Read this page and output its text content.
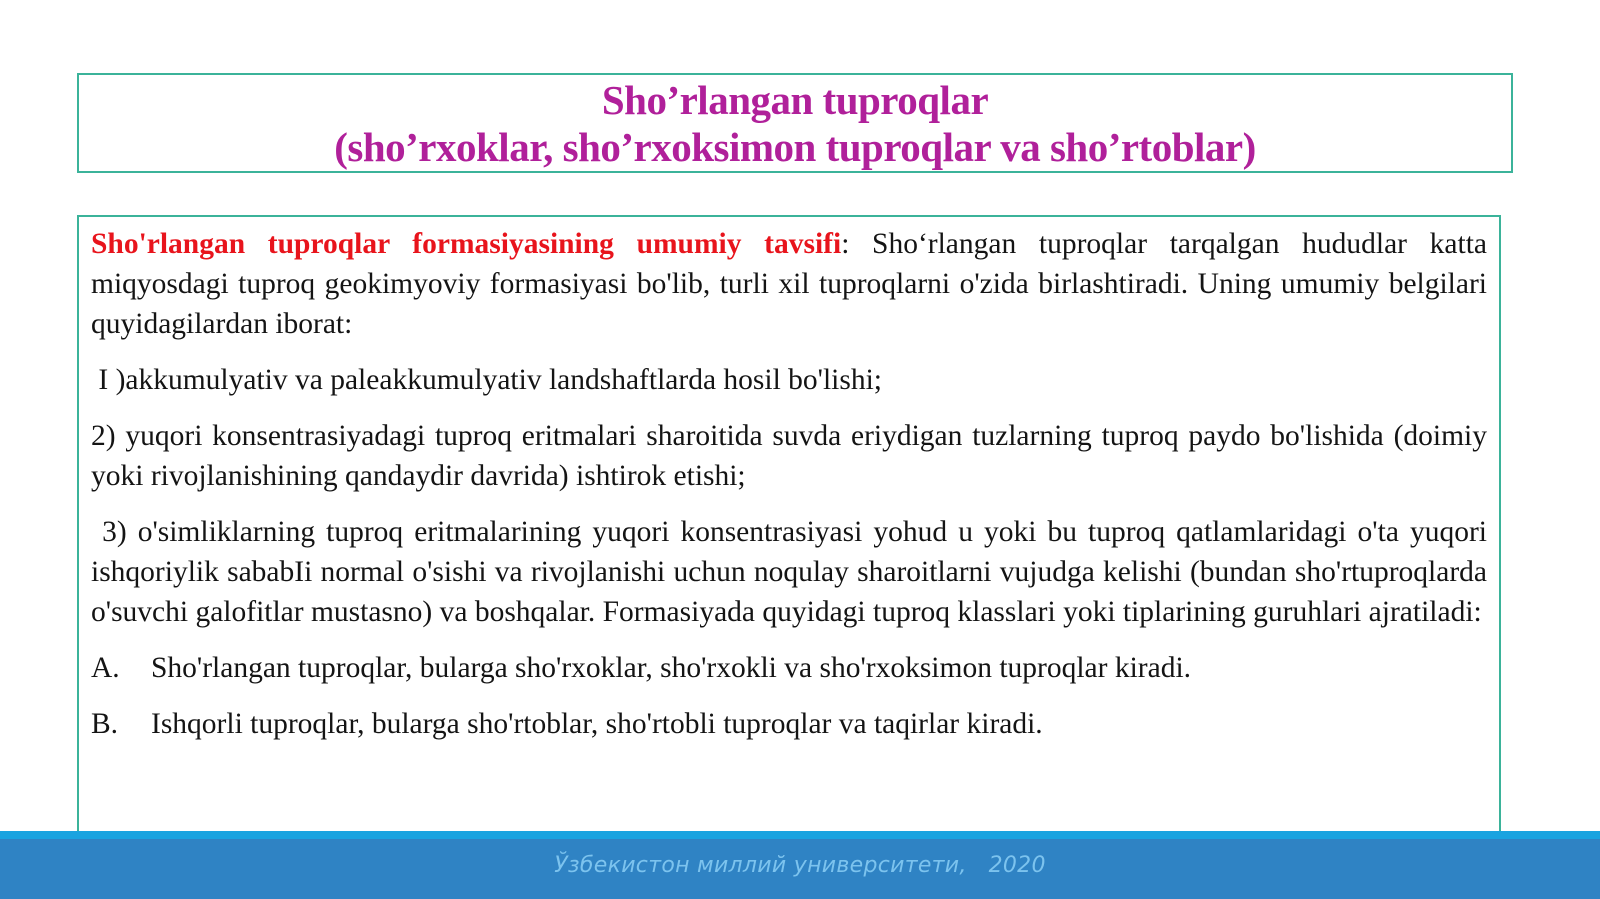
Sho’rlangan tuproqlar
(sho’rxoklar, sho’rxoksimon tuproqlar va sho’rtoblar)

Sho'rlangan tuproqlar formasiyasining umumiy tavsifi: Sho‘rlangan tuproqlar tarqalgan hududlar katta miqyosdagi tuproq geokimyoviy formasiyasi bo'lib, turli xil tuproqlarni o'zida birlashtiradi. Uning umumiy belgilari quyidagilardan iborat:

I )akkumulyativ va paleakkumulyativ landshaftlarda hosil bo'lishi;

2) yuqori konsentrasiyadagi tuproq eritmalari sharoitida suvda eriydigan tuzlarning tuproq paydo bo'lishida (doimiy yoki rivojlanishining qandaydir davrida) ishtirok etishi;

3) o'simliklarning tuproq eritmalarining yuqori konsentrasiyasi yohud u yoki bu tuproq qatlamlaridagi o'ta yuqori ishqoriylik sababIi normal o'sishi va rivojlanishi uchun noqulay sharoitlarni vujudga kelishi (bundan sho'rtuproqlarda o'suvchi galofitlar mustasno) va boshqalar. Formasiyada quyidagi tuproq klasslari yoki tiplarining guruhlari ajratiladi:

A.	Sho'rlangan tuproqlar, bularga sho'rxoklar, sho'rxokli va sho'rxoksimon tuproqlar kiradi.
B.	Ishqorli tuproqlar, bularga sho'rtoblar, sho'rtobli tuproqlar va taqirlar kiradi.
Ўзбекистон миллий университети,   2020
